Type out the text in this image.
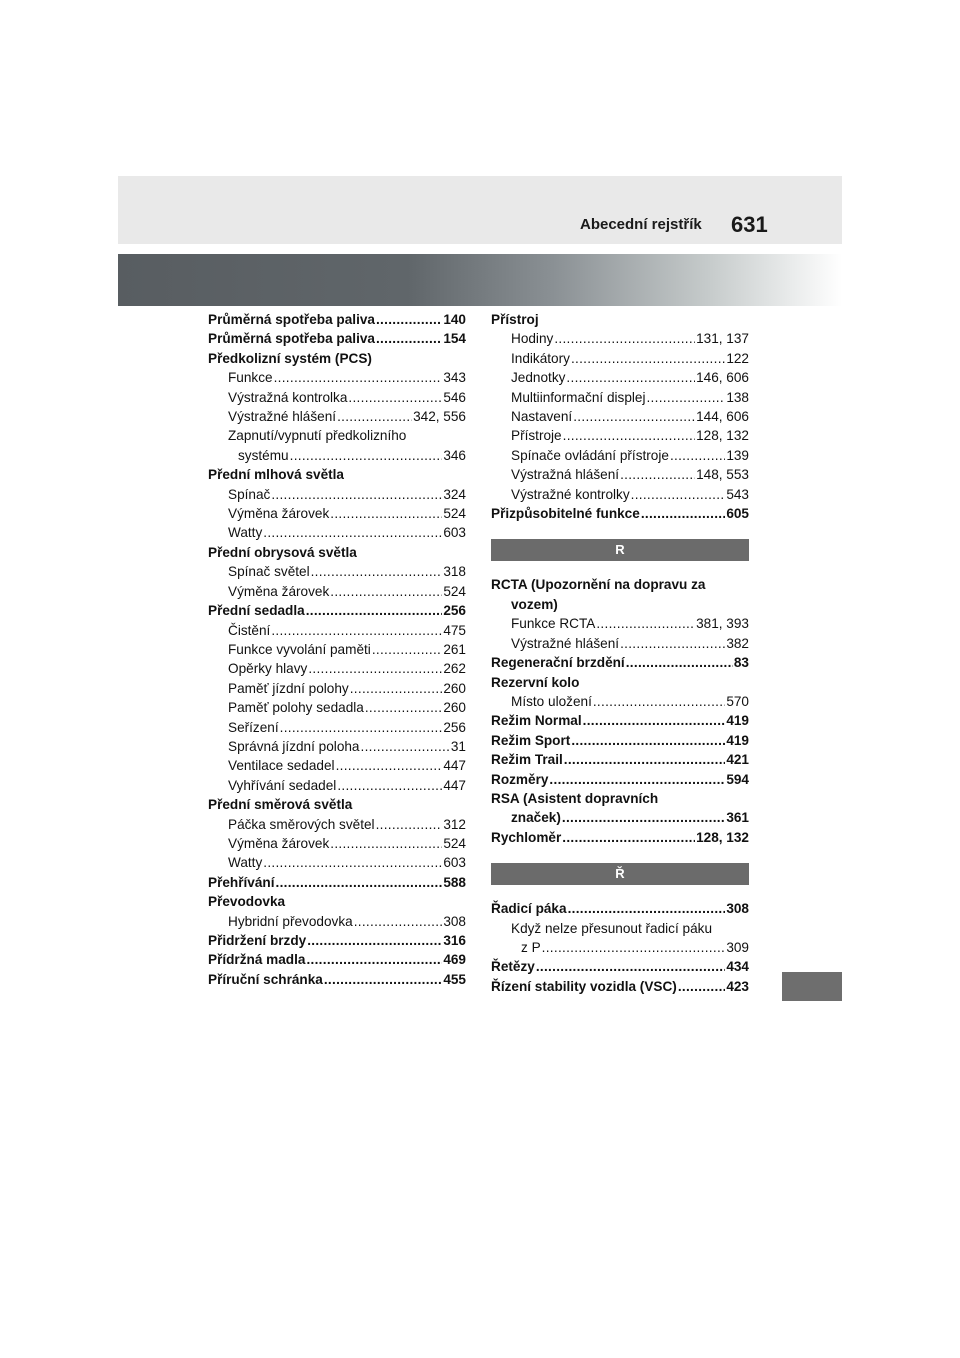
Abecední rejstřík 631
Průměrná spotřeba paliva .....	140
Průměrná spotřeba paliva .....	154
Předkolizní systém (PCS)
Funkce .....	343
Výstražná kontrolka .....	546
Výstražné hlášení .....	342, 556
Zapnutí/vypnutí předkolizního
systému .....	346
Přední mlhová světla
Spínač .....	324
Výměna žárovek .....	524
Watty .....	603
Přední obrysová světla
Spínač světel .....	318
Výměna žárovek .....	524
Přední sedadla .....	256
Čistění .....	475
Funkce vyvolání paměti .....	261
Opěrky hlavy .....	262
Paměť jízdní polohy .....	260
Paměť polohy sedadla .....	260
Seřízení .....	256
Správná jízdní poloha .....	31
Ventilace sedadel .....	447
Vyhřívání sedadel .....	447
Přední směrová světla
Páčka směrových světel .....	312
Výměna žárovek .....	524
Watty .....	603
Přehřívání .....	588
Převodovka
Hybridní převodovka .....	308
Přidržení brzdy .....	316
Přídržná madla .....	469
Příruční schránka .....	455
Přístroj
Hodiny .....	131, 137
Indikátory .....	122
Jednotky .....	146, 606
Multiinformační displej .....	138
Nastavení .....	144, 606
Přístroje .....	128, 132
Spínače ovládání přístroje .....	139
Výstražná hlášení .....	148, 553
Výstražné kontrolky .....	543
Přizpůsobitelné funkce .....	605
R
RCTA (Upozornění na dopravu za
vozem)
Funkce RCTA .....	381, 393
Výstražné hlášení .....	382
Regenerační brzdění .....	83
Rezervní kolo
Místo uložení .....	570
Režim Normal .....	419
Režim Sport .....	419
Režim Trail .....	421
Rozměry .....	594
RSA (Asistent dopravních
značek) .....	361
Rychloměr .....	128, 132
Ř
Řadicí páka .....	308
Když nelze přesunout řadicí páku
z P .....	309
Řetězy .....	434
Řízení stability vozidla (VSC) .....	423
